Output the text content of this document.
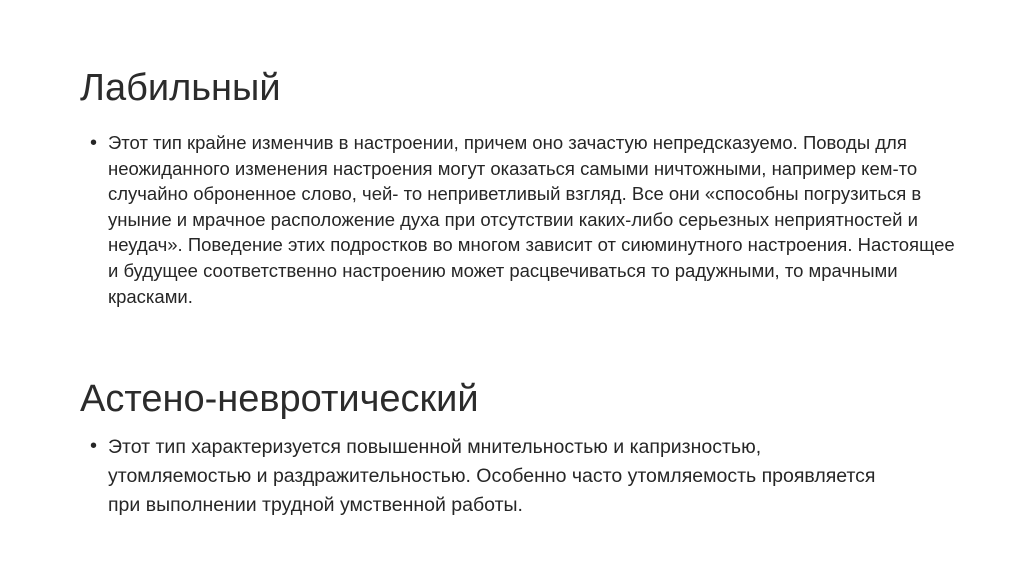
Лабильный
• Этот тип крайне изменчив в настроении, причем оно зачастую непредсказуемо. Поводы для неожиданного изменения настроения могут оказаться самыми ничтожными, например кем-то случайно оброненное слово, чей- то неприветливый взгляд. Все они «способны погрузиться в уныние и мрачное расположение духа при отсутствии каких-либо серьезных неприятностей и неудач». Поведение этих подростков во многом зависит от сиюминутного настроения. Настоящее и будущее соответственно настроению может расцвечиваться то радужными, то мрачными красками.

Астено-невротический
• Этот тип характеризуется повышенной мнительностью и капризностью, утомляемостью и раздражительностью. Особенно часто утомляемость проявляется при выполнении трудной умственной работы.
